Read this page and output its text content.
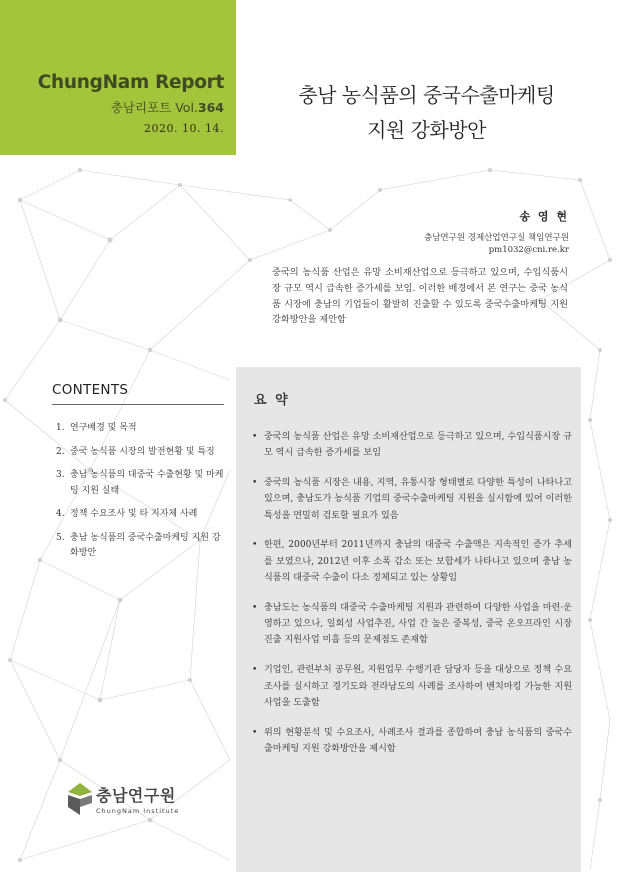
ChungNam Report
충남리포트 Vol.364
2020. 10. 14.
충남 농식품의 중국수출마케팅
지원 강화방안
송 영 현
충남연구원 경제산업연구실 책임연구원
pm1032@cni.re.kr
중국의 농식품 산업은 유망 소비재산업으로 등극하고 있으며, 수입식품시장 규모 역시 급속한 증가세를 보임. 이러한 배경에서 본 연구는 중국 농식품 시장에 충남의 기업들이 활발히 진출할 수 있도록 중국수출마케팅 지원 강화방안을 제안함
CONTENTS
1. 연구배경 및 목적
2. 중국 농식품 시장의 발전현황 및 특징
3. 충남 농식품의 대중국 수출현황 및 마케팅 지원 실태
4. 정책 수요조사 및 타 지자체 사례
5. 충남 농식품의 중국수출마케팅 지원 강화방안
요 약
• 중국의 농식품 산업은 유망 소비재산업으로 등극하고 있으며, 수입식품시장 규모 역시 급속한 증가세를 보임
• 중국의 농식품 시장은 내용, 지역, 유통시장 형태별로 다양한 특성이 나타나고 있으며, 충남도가 농식품 기업의 중국수출마케팅 지원을 실시함에 있어 이러한 특성을 면밀히 검토할 필요가 있음
• 한편, 2000년부터 2011년까지 충남의 대중국 수출액은 지속적인 증가 추세를 보였으나, 2012년 이후 소폭 감소 또는 보합세가 나타나고 있으며 충남 농식품의 대중국 수출이 다소 정체되고 있는 상황임
• 충남도는 농식품의 대중국 수출마케팅 지원과 관련하여 다양한 사업을 마련·운영하고 있으나, 일회성 사업추진, 사업 간 높은 중복성, 중국 온오프라인 시장진출 지원사업 미흡 등의 문제점도 존재함
• 기업인, 관련부처 공무원, 지원업무 수행기관 담당자 등을 대상으로 정책 수요조사를 실시하고 경기도와 전라남도의 사례를 조사하여 벤치마킹 가능한 지원사업을 도출함
• 위의 현황분석 및 수요조사, 사례조사 결과를 종합하여 충남 농식품의 중국수출마케팅 지원 강화방안을 제시함
충남연구원
ChungNam Institute
